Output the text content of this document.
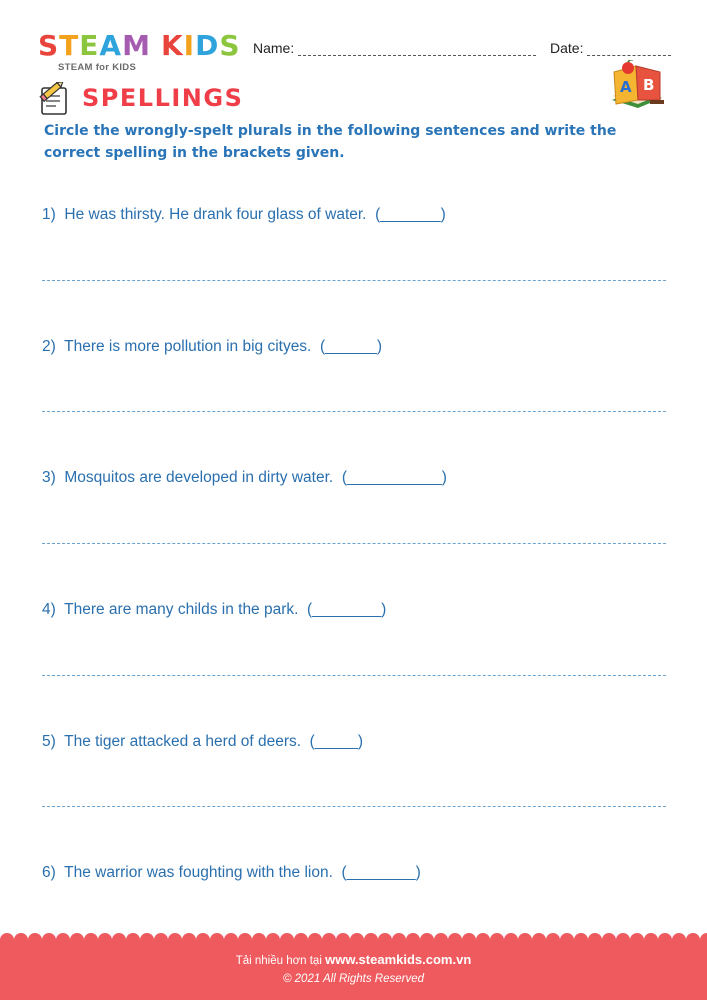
STEAM KIDS
STEAM for KIDS
Name:	Date:
SPELLINGS	A B
Circle the wrongly-spelt plurals in the following sentences and write the correct spelling in the brackets given.
1)  He was thirsty. He drank four glass of water.  (_______)
2)  There is more pollution in big cityes.  (______)
3)  Mosquitos are developed in dirty water.  (___________)
4)  There are many childs in the park.  (________)
5)  The tiger attacked a herd of deers.  (_____)
6)  The warrior was foughting with the lion.  (________)
Tải nhiều hơn tại www.steamkids.com.vn
© 2021 All Rights Reserved
